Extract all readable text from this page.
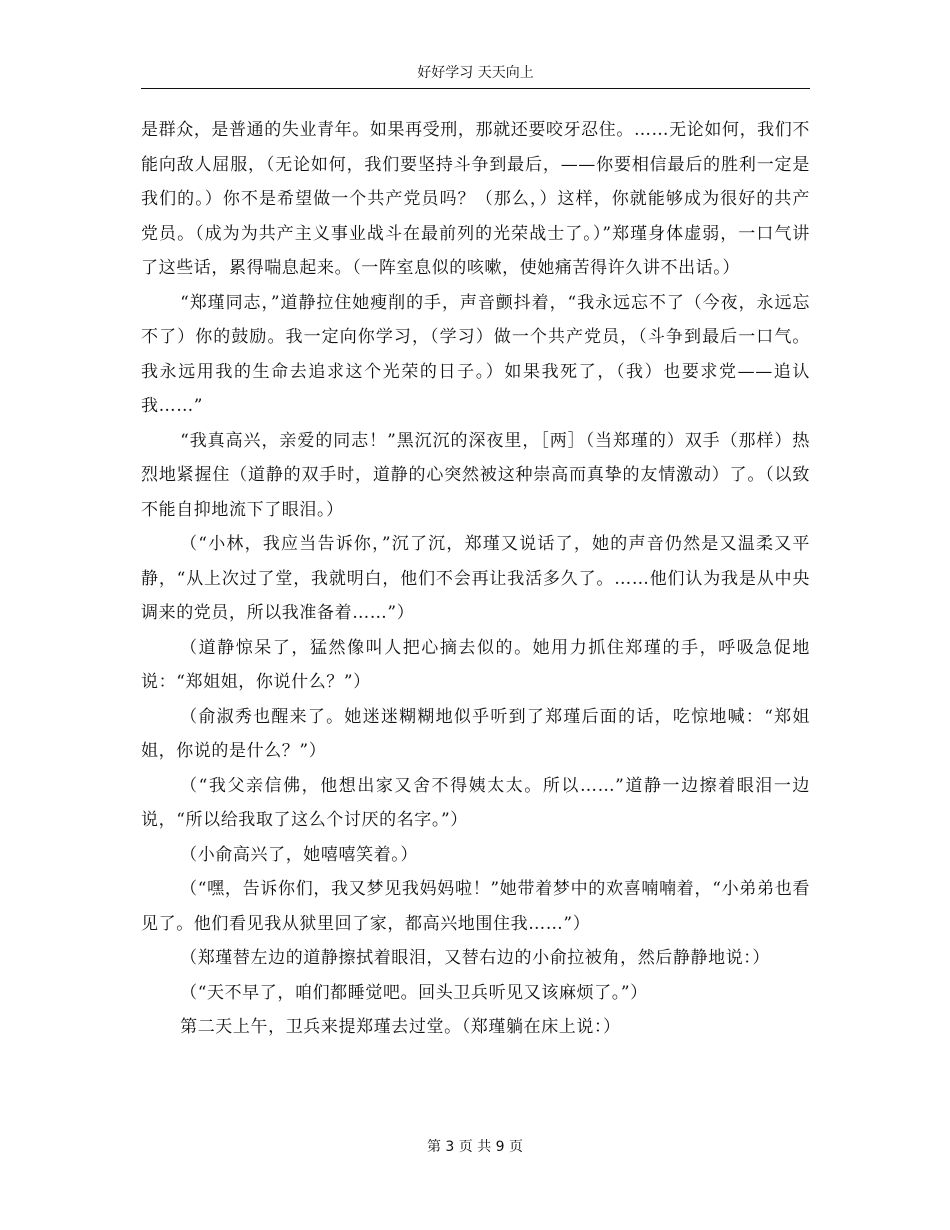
好好学习 天天向上

是群众，是普通的失业青年。如果再受刑，那就还要咬牙忍住。……无论如何，我们不能向敌人屈服，（无论如何，我们要坚持斗争到最后，——你要相信最后的胜利一定是我们的。）你不是希望做一个共产党员吗？（那么，）这样，你就能够成为很好的共产党员。（成为为共产主义事业战斗在最前列的光荣战士了。）”郑瑾身体虚弱，一口气讲了这些话，累得喘息起来。（一阵室息似的咳嗽，使她痛苦得许久讲不出话。）

“郑瑾同志，”道静拉住她瘦削的手，声音颤抖着，“我永远忘不了（今夜，永远忘不了）你的鼓励。我一定向你学习，（学习）做一个共产党员，（斗争到最后一口气。我永远用我的生命去追求这个光荣的日子。）如果我死了，（我）也要求党——追认我……”

“我真高兴，亲爱的同志！”黑沉沉的深夜里，［两］（当郑瑾的）双手（那样）热烈地紧握住（道静的双手时，道静的心突然被这种崇高而真挚的友情激动）了。（以致不能自抑地流下了眼泪。）

（“小林，我应当告诉你，”沉了沉，郑瑾又说话了，她的声音仍然是又温柔又平静，“从上次过了堂，我就明白，他们不会再让我活多久了。……他们认为我是从中央调来的党员，所以我准备着……”）

（道静惊呆了，猛然像叫人把心摘去似的。她用力抓住郑瑾的手，呼吸急促地说：“郑姐姐，你说什么？”）

（俞淑秀也醒来了。她迷迷糊糊地似乎听到了郑瑾后面的话，吃惊地喊：“郑姐姐，你说的是什么？”）

（“我父亲信佛，他想出家又舍不得姨太太。所以……”道静一边擦着眼泪一边说，“所以给我取了这么个讨厌的名字。”）

（小俞高兴了，她嘻嘻笑着。）

（“嘿，告诉你们，我又梦见我妈妈啦！”她带着梦中的欢喜喃喃着，“小弟弟也看见了。他们看见我从狱里回了家，都高兴地围住我……”）

（郑瑾替左边的道静擦拭着眼泪，又替右边的小俞拉被角，然后静静地说：）

（“天不早了，咱们都睡觉吧。回头卫兵听见又该麻烦了。”）

第二天上午，卫兵来提郑瑾去过堂。（郑瑾躺在床上说：）

第 3 页 共 9 页
